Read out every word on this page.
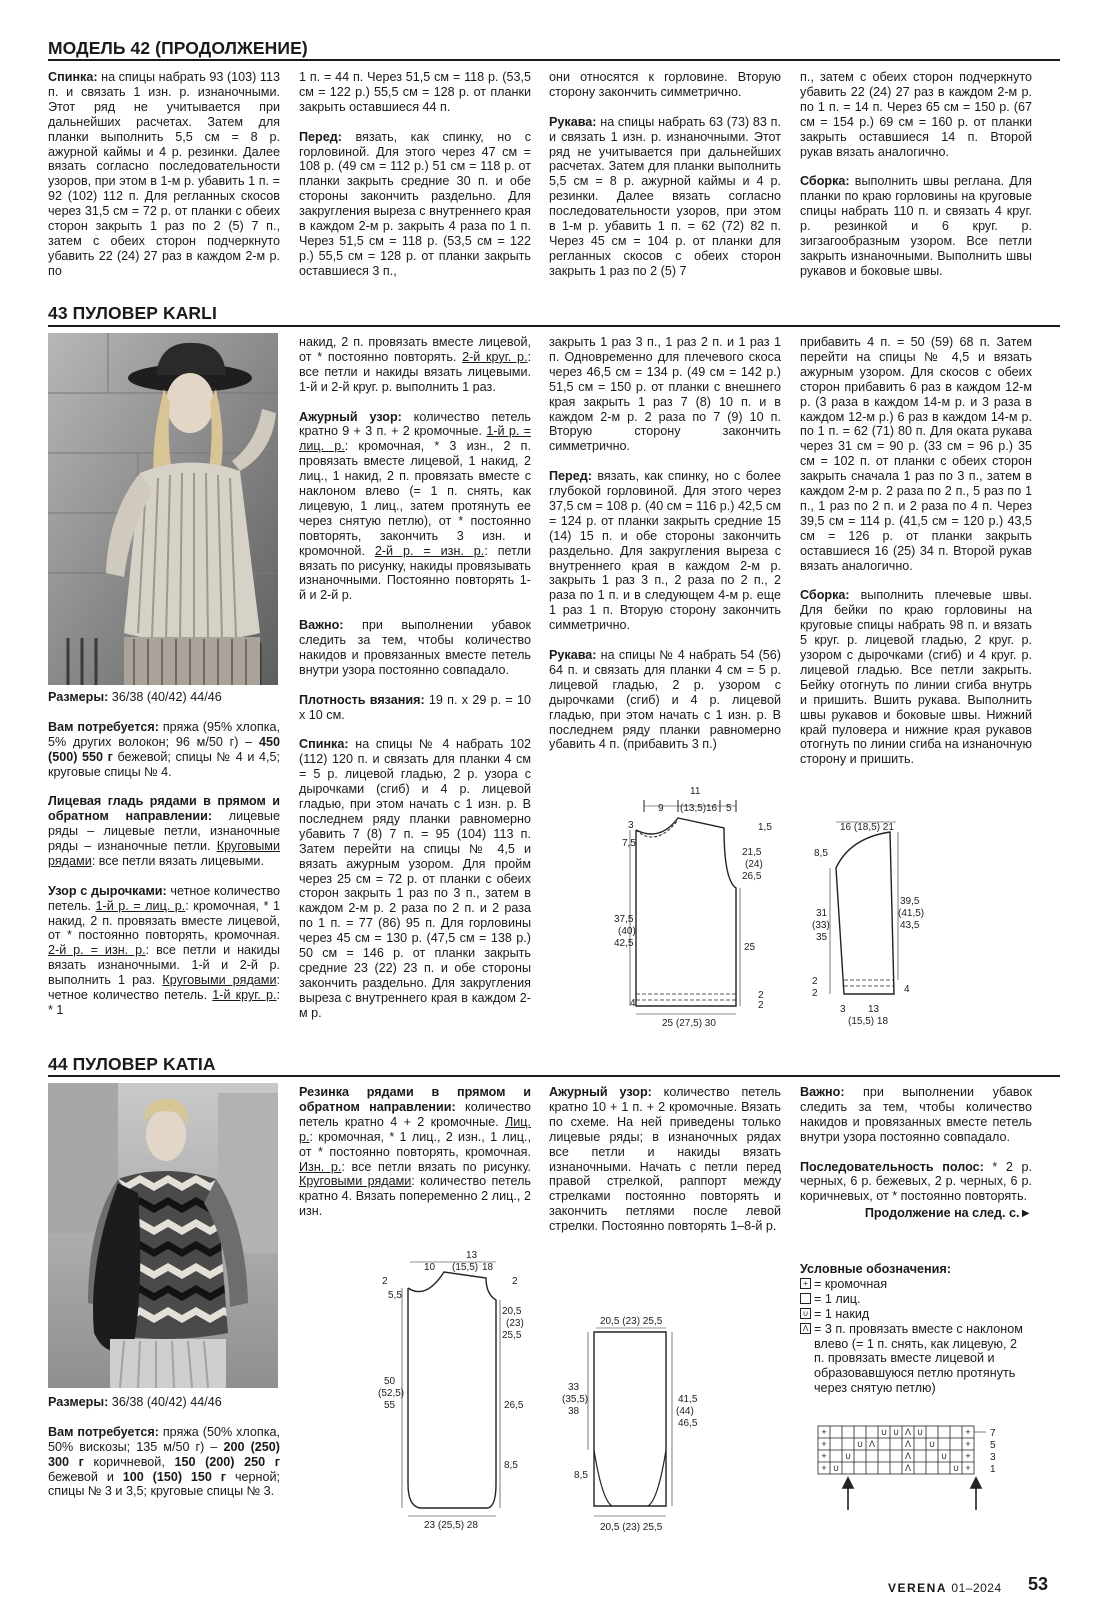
МОДЕЛЬ 42 (ПРОДОЛЖЕНИЕ)

Спинка: на спицы набрать 93 (103) 113 п. и связать 1 изн. р. изнаночными. Этот ряд не учитывается при дальнейших расчетах. Затем для планки выполнить 5,5 см = 8 р. ажурной каймы и 4 р. резинки. Далее вязать согласно последовательности узоров, при этом в 1-м р. убавить 1 п. = 92 (102) 112 п. Для регланных скосов через 31,5 см = 72 р. от планки с обеих сторон закрыть 1 раз по 2 (5) 7 п., затем с обеих сторон подчеркнуто убавить 22 (24) 27 раз в каждом 2-м р. по

1 п. = 44 п. Через 51,5 см = 118 р. (53,5 см = 122 р.) 55,5 см = 128 р. от планки закрыть оставшиеся 44 п.

Перед: вязать, как спинку, но с горловиной. Для этого через 47 см = 108 р. (49 см = 112 р.) 51 см = 118 р. от планки закрыть средние 30 п. и обе стороны закончить раздельно. Для закругления выреза с внутреннего края в каждом 2-м р. закрыть 4 раза по 1 п. Через 51,5 см = 118 р. (53,5 см = 122 р.) 55,5 см = 128 р. от планки закрыть оставшиеся 3 п.,

они относятся к горловине. Вторую сторону закончить симметрично.

Рукава: на спицы набрать 63 (73) 83 п. и связать 1 изн. р. изнаночными. Этот ряд не учитывается при дальнейших расчетах. Затем для планки выполнить 5,5 см = 8 р. ажурной каймы и 4 р. резинки. Далее вязать согласно последовательности узоров, при этом в 1-м р. убавить 1 п. = 62 (72) 82 п. Через 45 см = 104 р. от планки для регланных скосов с обеих сторон закрыть 1 раз по 2 (5) 7

п., затем с обеих сторон подчеркнуто убавить 22 (24) 27 раз в каждом 2-м р. по 1 п. = 14 п. Через 65 см = 150 р. (67 см = 154 р.) 69 см = 160 р. от планки закрыть оставшиеся 14 п. Второй рукав вязать аналогично.

Сборка: выполнить швы реглана. Для планки по краю горловины на круговые спицы набрать 110 п. и связать 4 круг. р. резинкой и 6 круг. р. зигзагообразным узором. Все петли закрыть изнаночными. Выполнить швы рукавов и боковые швы.

43 ПУЛОВЕР KARLI

Размеры: 36/38 (40/42) 44/46

Вам потребуется: пряжа (95% хлопка, 5% других волокон; 96 м/50 г) – 450 (500) 550 г бежевой; спицы № 4 и 4,5; круговые спицы № 4.

Лицевая гладь рядами в прямом и обратном направлении: лицевые ряды – лицевые петли, изнаночные ряды – изнаночные петли. Круговыми рядами: все петли вязать лицевыми.

Узор с дырочками: четное количество петель. 1-й р. = лиц. р.: кромочная, * 1 накид, 2 п. провязать вместе лицевой, от * постоянно повторять, кромочная. 2-й р. = изн. р.: все петли и накиды вязать изнаночными. 1-й и 2-й р. выполнить 1 раз. Круговыми рядами: четное количество петель. 1-й круг. р.: * 1

накид, 2 п. провязать вместе лицевой, от * постоянно повторять. 2-й круг. р.: все петли и накиды вязать лицевыми. 1-й и 2-й круг. р. выполнить 1 раз.

Ажурный узор: количество петель кратно 9 + 3 п. + 2 кромочные. 1-й р. = лиц. р.: кромочная, * 3 изн., 2 п. провязать вместе лицевой, 1 накид, 2 лиц., 1 накид, 2 п. провязать вместе с наклоном влево (= 1 п. снять, как лицевую, 1 лиц., затем протянуть ее через снятую петлю), от * постоянно повторять, закончить 3 изн. и кромочной. 2-й р. = изн. р.: петли вязать по рисунку, накиды провязывать изнаночными. Постоянно повторять 1-й и 2-й р.

Важно: при выполнении убавок следить за тем, чтобы количество накидов и провязанных вместе петель внутри узора постоянно совпадало.

Плотность вязания: 19 п. x 29 р. = 10 x 10 см.

Спинка: на спицы № 4 набрать 102 (112) 120 п. и связать для планки 4 см = 5 р. лицевой гладью, 2 р. узора с дырочками (сгиб) и 4 р. лицевой гладью, при этом начать с 1 изн. р. В последнем ряду планки равномерно убавить 7 (8) 7 п. = 95 (104) 113 п. Затем перейти на спицы № 4,5 и вязать ажурным узором. Для пройм через 25 см = 72 р. от планки с обеих сторон закрыть 1 раз по 3 п., затем в каждом 2-м р. 2 раза по 2 п. и 2 раза по 1 п. = 77 (86) 95 п. Для горловины через 45 см = 130 р. (47,5 см = 138 р.) 50 см = 146 р. от планки закрыть средние 23 (22) 23 п. и обе стороны закончить раздельно. Для закругления выреза с внутреннего края в каждом 2-м р.

закрыть 1 раз 3 п., 1 раз 2 п. и 1 раз 1 п. Одновременно для плечевого скоса через 46,5 см = 134 р. (49 см = 142 р.) 51,5 см = 150 р. от планки с внешнего края закрыть 1 раз 7 (8) 10 п. и в каждом 2-м р. 2 раза по 7 (9) 10 п. Вторую сторону закончить симметрично.

Перед: вязать, как спинку, но с более глубокой горловиной. Для этого через 37,5 см = 108 р. (40 см = 116 р.) 42,5 см = 124 р. от планки закрыть средние 15 (14) 15 п. и обе стороны закончить раздельно. Для закругления выреза с внутреннего края в каждом 2-м р. закрыть 1 раз 3 п., 2 раза по 2 п., 2 раза по 1 п. и в следующем 4-м р. еще 1 раз 1 п. Вторую сторону закончить симметрично.

Рукава: на спицы № 4 набрать 54 (56) 64 п. и связать для планки 4 см = 5 р. лицевой гладью, 2 р. узором с дырочками (сгиб) и 4 р. лицевой гладью, при этом начать с 1 изн. р. В последнем ряду планки равномерно убавить 4 п. (прибавить 3 п.)

прибавить 4 п. = 50 (59) 68 п. Затем перейти на спицы № 4,5 и вязать ажурным узором. Для скосов с обеих сторон прибавить 6 раз в каждом 12-м р. (3 раза в каждом 14-м р. и 3 раза в каждом 12-м р.) 6 раз в каждом 14-м р. по 1 п. = 62 (71) 80 п. Для оката рукава через 31 см = 90 р. (33 см = 96 р.) 35 см = 102 п. от планки с обеих сторон закрыть сначала 1 раз по 3 п., затем в каждом 2-м р. 2 раза по 2 п., 5 раз по 1 п., 1 раз по 2 п. и 2 раза по 4 п. Через 39,5 см = 114 р. (41,5 см = 120 р.) 43,5 см = 126 р. от планки закрыть оставшиеся 16 (25) 34 п. Второй рукав вязать аналогично.

Сборка: выполнить плечевые швы. Для бейки по краю горловины на круговые спицы набрать 98 п. и вязать 5 круг. р. лицевой гладью, 2 круг. р. узором с дырочками (сгиб) и 4 круг. р. лицевой гладью. Все петли закрыть. Бейку отогнуть по линии сгиба внутрь и пришить. Вшить рукава. Выполнить швы рукавов и боковые швы. Нижний край пуловера и нижние края рукавов отогнуть по линии сгиба на изнаночную сторону и пришить.

9
11
(13,5) 16 5
3
7,5
1,5
21,5
(24)
26,5
37,5
(40)
42,5	25
4
2
2
25 (27,5) 30
16 (18,5) 21
8,5
31
(33)
35
39,5
(41,5)
43,5
2
2	4
3 13
(15,5) 18
44 ПУЛОВЕР KATIA

Размеры: 36/38 (40/42) 44/46

Вам потребуется: пряжа (50% хлопка, 50% вискозы; 135 м/50 г) – 200 (250) 300 г коричневой, 150 (200) 250 г бежевой и 100 (150) 150 г черной; спицы № 3 и 3,5; круговые спицы № 3.

Резинка рядами в прямом и обратном направлении: количество петель кратно 4 + 2 кромочные. Лиц. р.: кромочная, * 1 лиц., 2 изн., 1 лиц., от * постоянно повторять, кромочная. Изн. р.: все петли вязать по рисунку. Круговыми рядами: количество петель кратно 4. Вязать попеременно 2 лиц., 2 изн.

Ажурный узор: количество петель кратно 10 + 1 п. + 2 кромочные. Вязать по схеме. На ней приведены только лицевые ряды; в изнаночных рядах все петли и накиды вязать изнаночными. Начать с петли перед правой стрелкой, раппорт между стрелками постоянно повторять и закончить петлями после левой стрелки. Постоянно повторять 1–8-й р.

Важно: при выполнении убавок следить за тем, чтобы количество накидов и провязанных вместе петель внутри узора постоянно совпадало.

Последовательность полос: * 2 р. черных, 6 р. бежевых, 2 р. черных, 6 р. коричневых, от * постоянно повторять.

Продолжение на след. с.►
Условные обозначения:
+ = кромочная
= 1 лиц.
∪ = 1 накид
Λ = 3 п. провязать вместе с наклоном влево (= 1 п. снять, как лицевую, 2 п. провязать вместе лицевой и образовавшуюся петлю протянуть через снятую петлю)
+
+
+
+
+
+
+
+
∪ ∪ Λ ∪
∪ Λ	Λ ∪
∪	Λ	∪
∪	Λ	∪
7
5
3
1
13
10 (15,5) 18
2	2
5,5
20,5
(23)
25,5
50
(52,5)
55	26,5
8,5
23 (25,5) 28
20,5 (23) 25,5
33
(35,5)
38
41,5
(44)
46,5
8,5
20,5 (23) 25,5
VERENA 01–2024 53
